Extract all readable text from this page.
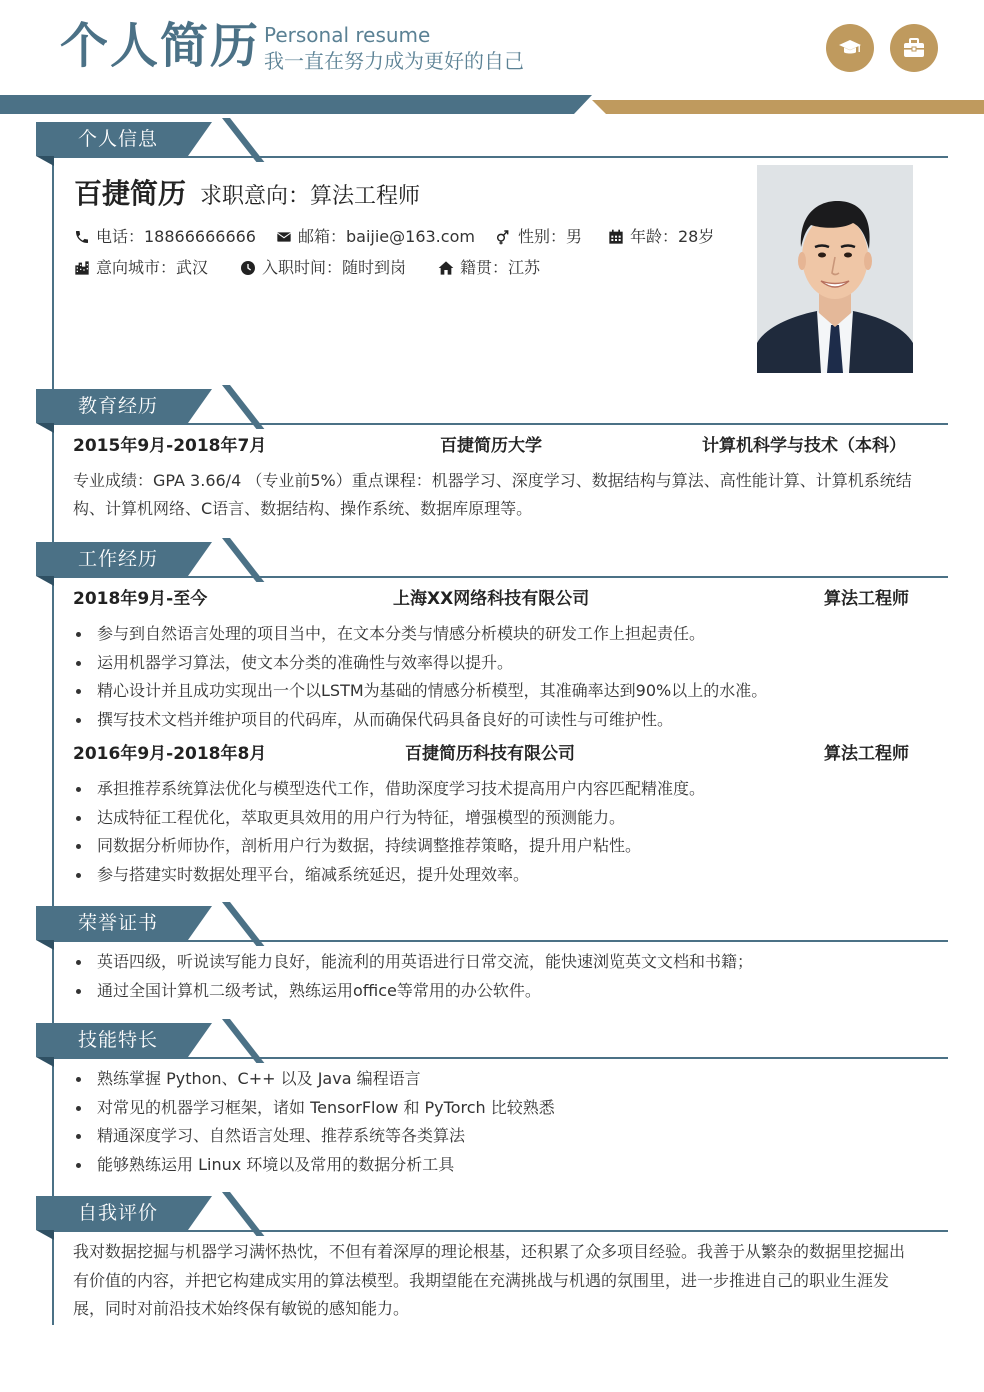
个人简历 Personal resume
我一直在努力成为更好的自己
个人信息
百捷简历 求职意向：算法工程师
电话：18866666666	邮箱：baijie@163.com	性别：男	年龄：28岁
意向城市：武汉	入职时间：随时到岗	籍贯：江苏
教育经历
2015年9月-2018年7月	百捷简历大学	计算机科学与技术（本科）
专业成绩：GPA 3.66/4 （专业前5%）重点课程：机器学习、深度学习、数据结构与算法、高性能计算、计算机系统结构、计算机网络、C语言、数据结构、操作系统、数据库原理等。
工作经历
2018年9月-至今	上海XX网络科技有限公司	算法工程师
参与到自然语言处理的项目当中，在文本分类与情感分析模块的研发工作上担起责任。
运用机器学习算法，使文本分类的准确性与效率得以提升。
精心设计并且成功实现出一个以LSTM为基础的情感分析模型，其准确率达到90%以上的水准。
撰写技术文档并维护项目的代码库，从而确保代码具备良好的可读性与可维护性。
2016年9月-2018年8月	百捷简历科技有限公司	算法工程师
承担推荐系统算法优化与模型迭代工作，借助深度学习技术提高用户内容匹配精准度。
达成特征工程优化，萃取更具效用的用户行为特征，增强模型的预测能力。
同数据分析师协作，剖析用户行为数据，持续调整推荐策略，提升用户粘性。
参与搭建实时数据处理平台，缩减系统延迟，提升处理效率。
荣誉证书
英语四级，听说读写能力良好，能流利的用英语进行日常交流，能快速浏览英文文档和书籍；
通过全国计算机二级考试，熟练运用office等常用的办公软件。
技能特长
熟练掌握 Python、C++ 以及 Java 编程语言
对常见的机器学习框架，诸如 TensorFlow 和 PyTorch 比较熟悉
精通深度学习、自然语言处理、推荐系统等各类算法
能够熟练运用 Linux 环境以及常用的数据分析工具
自我评价
我对数据挖掘与机器学习满怀热忱，不但有着深厚的理论根基，还积累了众多项目经验。我善于从繁杂的数据里挖掘出有价值的内容，并把它构建成实用的算法模型。我期望能在充满挑战与机遇的氛围里，进一步推进自己的职业生涯发展，同时对前沿技术始终保有敏锐的感知能力。
